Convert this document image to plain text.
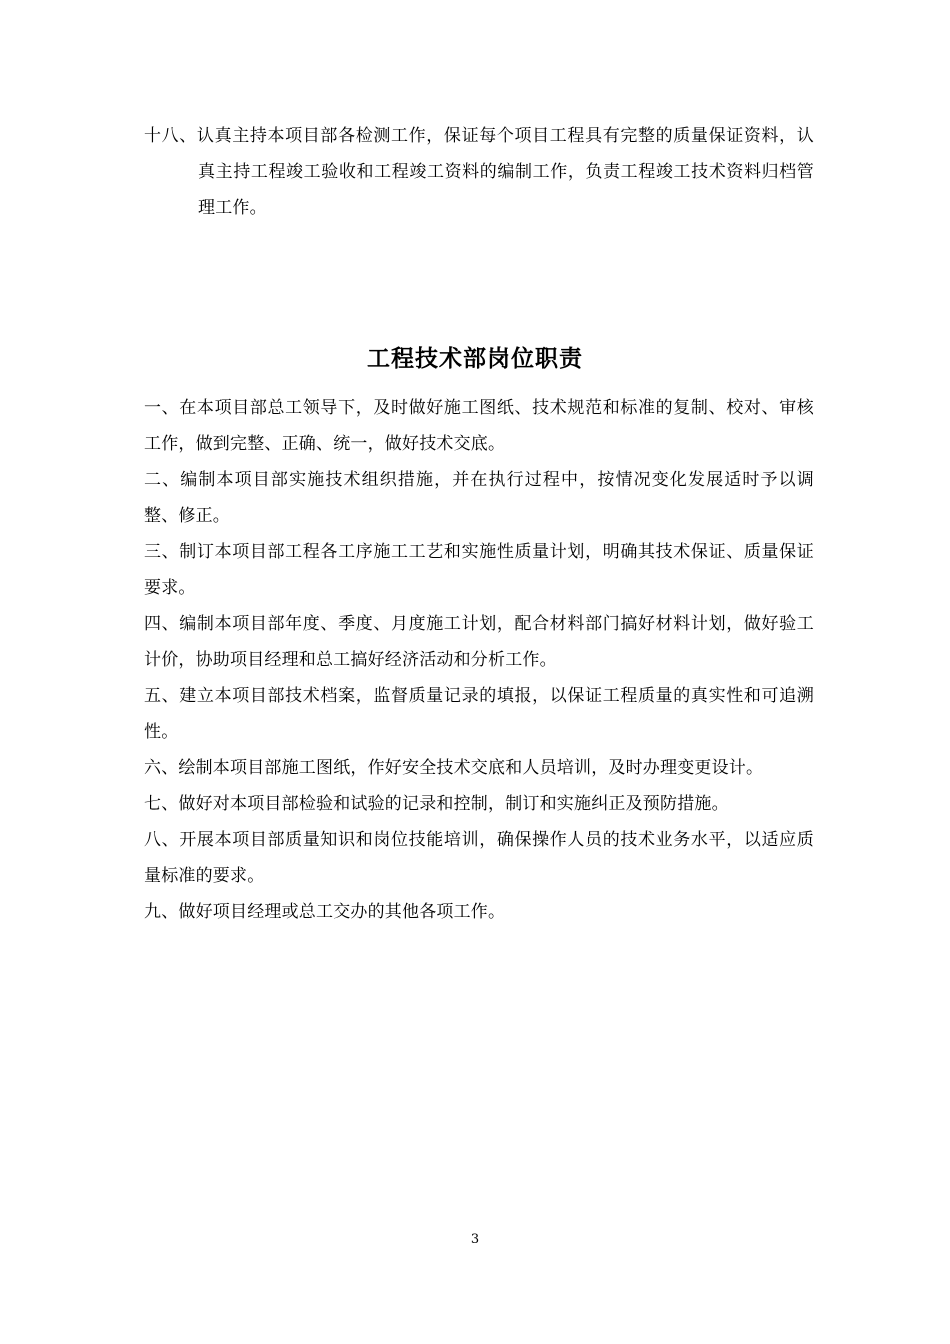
十八、认真主持本项目部各检测工作，保证每个项目工程具有完整的质量保证资料，认真主持工程竣工验收和工程竣工资料的编制工作，负责工程竣工技术资料归档管理工作。
工程技术部岗位职责
一、在本项目部总工领导下，及时做好施工图纸、技术规范和标准的复制、校对、审核工作，做到完整、正确、统一，做好技术交底。
二、编制本项目部实施技术组织措施，并在执行过程中，按情况变化发展适时予以调整、修正。
三、制订本项目部工程各工序施工工艺和实施性质量计划，明确其技术保证、质量保证要求。
四、编制本项目部年度、季度、月度施工计划，配合材料部门搞好材料计划，做好验工计价，协助项目经理和总工搞好经济活动和分析工作。
五、建立本项目部技术档案，监督质量记录的填报，以保证工程质量的真实性和可追溯性。
六、绘制本项目部施工图纸，作好安全技术交底和人员培训，及时办理变更设计。
七、做好对本项目部检验和试验的记录和控制，制订和实施纠正及预防措施。
八、开展本项目部质量知识和岗位技能培训，确保操作人员的技术业务水平，以适应质量标准的要求。
九、做好项目经理或总工交办的其他各项工作。
3
